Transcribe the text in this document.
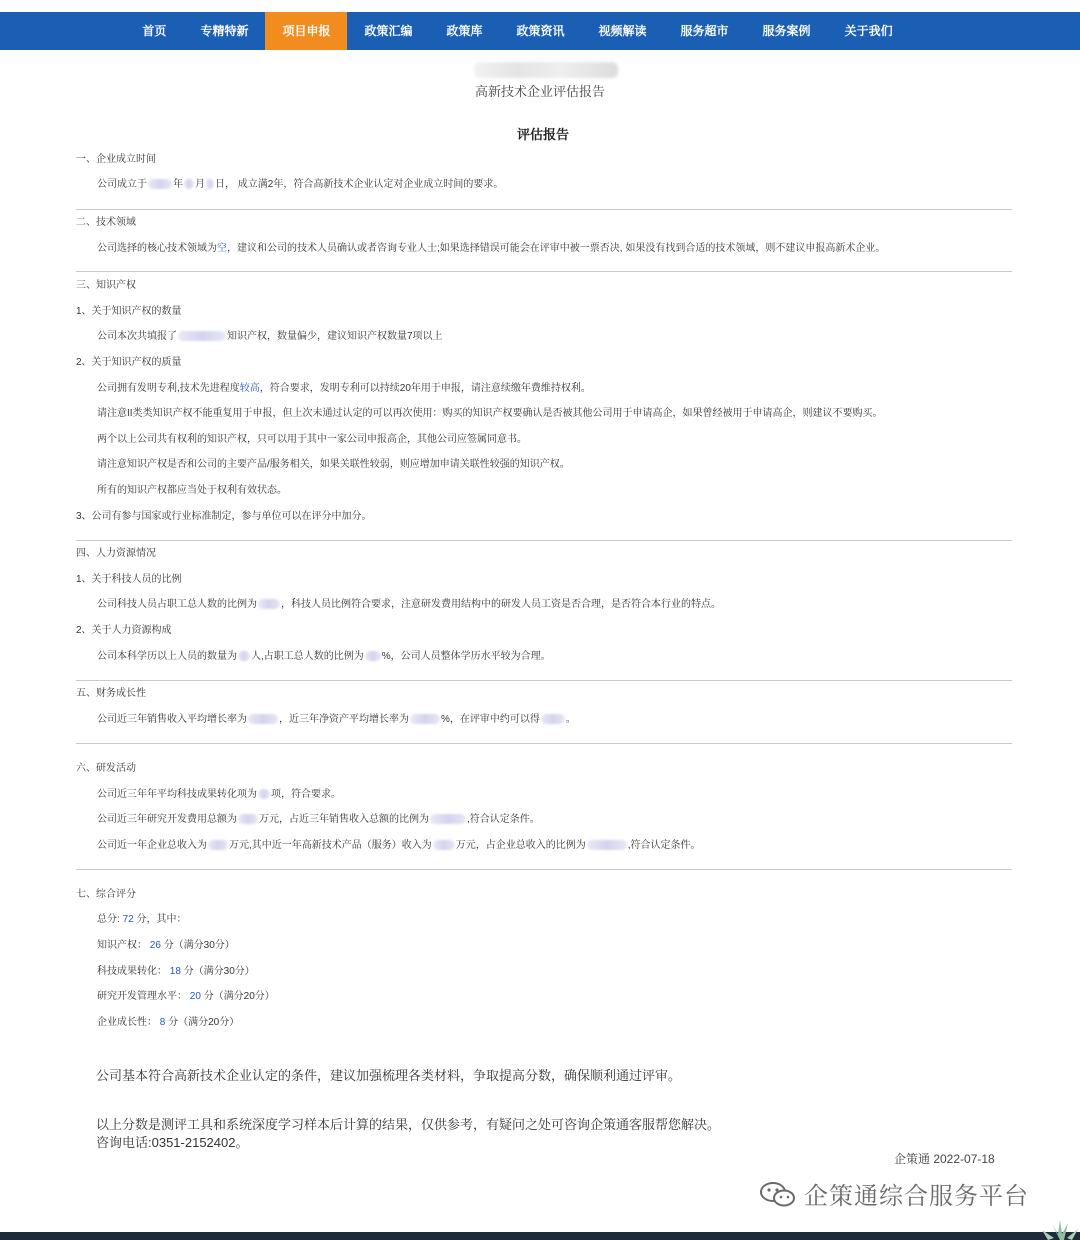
首页	专精特新	项目申报	政策汇编	政策库	政策资讯	视频解读	服务超市	服务案例	关于我们
高新技术企业评估报告
评估报告
一、企业成立时间
公司成立于	年 月 日， 成立满2年，符合高新技术企业认定对企业成立时间的要求。
二、技术领域
公司选择的核心技术领域为空，建议和公司的技术人员确认或者咨询专业人士;如果选择错误可能会在评审中被一票否决, 如果没有找到合适的技术领域，则不建议申报高新术企业。
三、知识产权
1、关于知识产权的数量
公司本次共填报了	知识产权，数量偏少，建议知识产权数量7项以上
2、关于知识产权的质量
公司拥有发明专利,技术先进程度较高，符合要求，发明专利可以持续20年用于申报，请注意续缴年费维持权利。
请注意II类类知识产权不能重复用于申报，但上次未通过认定的可以再次使用：购买的知识产权要确认是否被其他公司用于申请高企，如果曾经被用于申请高企，则建议不要购买。
两个以上公司共有权利的知识产权，只可以用于其中一家公司申报高企，其他公司应签属同意书。
请注意知识产权是否和公司的主要产品/服务相关，如果关联性较弱，则应增加申请关联性较强的知识产权。
所有的知识产权都应当处于权利有效状态。
3、公司有参与国家或行业标准制定，参与单位可以在评分中加分。
四、人力资源情况
1、关于科技人员的比例
公司科技人员占职工总人数的比例为 ，科技人员比例符合要求，注意研发费用结构中的研发人员工资是否合理，是否符合本行业的特点。
2、关于人力资源构成
公司本科学历以上人员的数量为 人,占职工总人数的比例为 %，公司人员整体学历水平较为合理。
五、财务成长性
公司近三年销售收入平均增长率为	，近三年净资产平均增长率为	%，在评审中约可以得	。
六、研发活动
公司近三年年平均科技成果转化项为 项，符合要求。
公司近三年研究开发费用总额为 万元，占近三年销售收入总额的比例为	,符合认定条件。
公司近一年企业总收入为 万元,其中近一年高新技术产品（服务）收入为 万元，占企业总收入的比例为	,符合认定条件。
七、综合评分
总分: 72 分，其中：
知识产权： 26 分（满分30分）
科技成果转化： 18 分（满分30分）
研究开发管理水平： 20 分（满分20分）
企业成长性： 8 分（满分20分）
公司基本符合高新技术企业认定的条件，建议加强梳理各类材料，争取提高分数，确保顺利通过评审。
以上分数是测评工具和系统深度学习样本后计算的结果，仅供参考，有疑问之处可咨询企策通客服帮您解决。
咨询电话:0351-2152402。
企策通 2022-07-18
企策通综合服务平台
